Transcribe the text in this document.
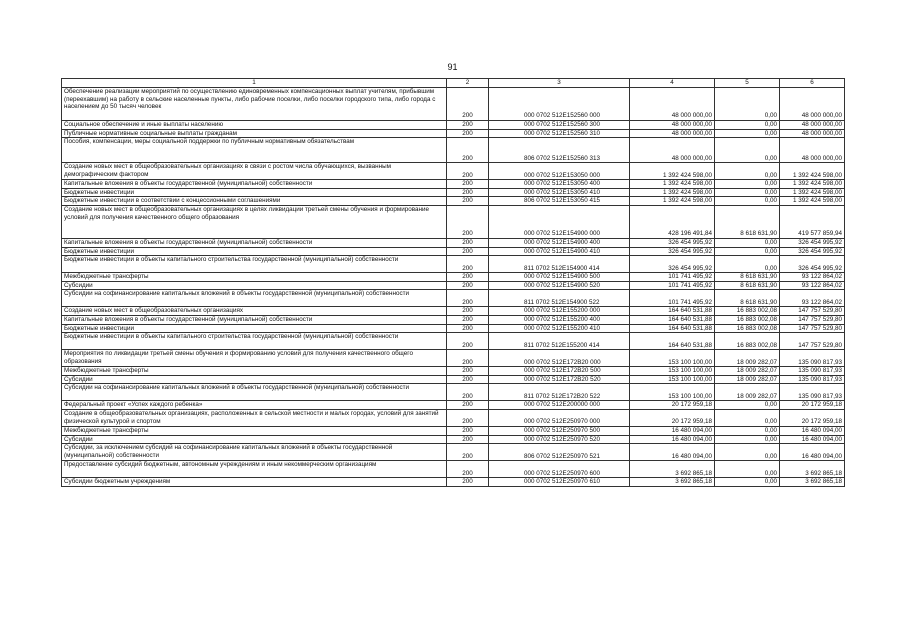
91
1	2	3	4	5	6
Обеспечение реализации мероприятий по осуществлению единовременных компенсационных выплат учителям, прибывшим (переехавшим) на работу в сельские населенные пункты, либо рабочие поселки, либо поселки городского типа, либо города с населением до 50 тысяч человек	200	000 0702 512E152560 000	48 000 000,00	0,00	48 000 000,00
Социальное обеспечение и иные выплаты населению	200	000 0702 512E152560 300	48 000 000,00	0,00	48 000 000,00
Публичные нормативные социальные выплаты гражданам	200	000 0702 512E152560 310	48 000 000,00	0,00	48 000 000,00
Пособия, компенсации, меры социальной поддержки по публичным нормативным обязательствам	200	806 0702 512E152560 313	48 000 000,00	0,00	48 000 000,00
Создание новых мест в общеобразовательных организациях в связи с ростом числа обучающихся, вызванным демографическим фактором	200	000 0702 512E153050 000	1 392 424 598,00	0,00	1 392 424 598,00
Капитальные вложения в объекты государственной (муниципальной) собственности	200	000 0702 512E153050 400	1 392 424 598,00	0,00	1 392 424 598,00
Бюджетные инвестиции	200	000 0702 512E153050 410	1 392 424 598,00	0,00	1 392 424 598,00
Бюджетные инвестиции в соответствии с концессионными соглашениями	200	806 0702 512E153050 415	1 392 424 598,00	0,00	1 392 424 598,00
Создание новых мест в общеобразовательных организациях в целях ликвидации третьей смены обучения и формирование условий для получения качественного общего образования	200	000 0702 512E154900 000	428 196 491,84	8 618 631,90	419 577 859,94
Капитальные вложения в объекты государственной (муниципальной) собственности	200	000 0702 512E154900 400	326 454 995,92	0,00	326 454 995,92
Бюджетные инвестиции	200	000 0702 512E154900 410	326 454 995,92	0,00	326 454 995,92
Бюджетные инвестиции в объекты капитального строительства государственной (муниципальной) собственности	200	811 0702 512E154900 414	326 454 995,92	0,00	326 454 995,92
Межбюджетные трансферты	200	000 0702 512E154900 500	101 741 495,92	8 618 631,90	93 122 864,02
Субсидии	200	000 0702 512E154900 520	101 741 495,92	8 618 631,90	93 122 864,02
Субсидии на софинансирование капитальных вложений в объекты государственной (муниципальной) собственности	200	811 0702 512E154900 522	101 741 495,92	8 618 631,90	93 122 864,02
Создание новых мест в общеобразовательных организациях	200	000 0702 512E155200 000	164 640 531,88	16 883 002,08	147 757 529,80
Капитальные вложения в объекты государственной (муниципальной) собственности	200	000 0702 512E155200 400	164 640 531,88	16 883 002,08	147 757 529,80
Бюджетные инвестиции	200	000 0702 512E155200 410	164 640 531,88	16 883 002,08	147 757 529,80
Бюджетные инвестиции в объекты капитального строительства государственной (муниципальной) собственности	200	811 0702 512E155200 414	164 640 531,88	16 883 002,08	147 757 529,80
Мероприятия по ликвидации третьей смены обучения и формированию условий для получения качественного общего образования	200	000 0702 512E172B20 000	153 100 100,00	18 009 282,07	135 090 817,93
Межбюджетные трансферты	200	000 0702 512E172B20 500	153 100 100,00	18 009 282,07	135 090 817,93
Субсидии	200	000 0702 512E172B20 520	153 100 100,00	18 009 282,07	135 090 817,93
Субсидии на софинансирование капитальных вложений в объекты государственной (муниципальной) собственности	200	811 0702 512E172B20 522	153 100 100,00	18 009 282,07	135 090 817,93
Федеральный проект «Успех каждого ребенка»	200	000 0702 512E200000 000	20 172 959,18	0,00	20 172 959,18
Создание в общеобразовательных организациях, расположенных в сельской местности и малых городах, условий для занятий физической культурой и спортом	200	000 0702 512E250970 000	20 172 959,18	0,00	20 172 959,18
Межбюджетные трансферты	200	000 0702 512E250970 500	16 480 094,00	0,00	16 480 094,00
Субсидии	200	000 0702 512E250970 520	16 480 094,00	0,00	16 480 094,00
Субсидии, за исключением субсидий на софинансирование капитальных вложений в объекты государственной (муниципальной) собственности	200	806 0702 512E250970 521	16 480 094,00	0,00	16 480 094,00
Предоставление субсидий бюджетным, автономным учреждениям и иным некоммерческим организациям	200	000 0702 512E250970 600	3 692 865,18	0,00	3 692 865,18
Субсидии бюджетным учреждениям	200	000 0702 512E250970 610	3 692 865,18	0,00	3 692 865,18
